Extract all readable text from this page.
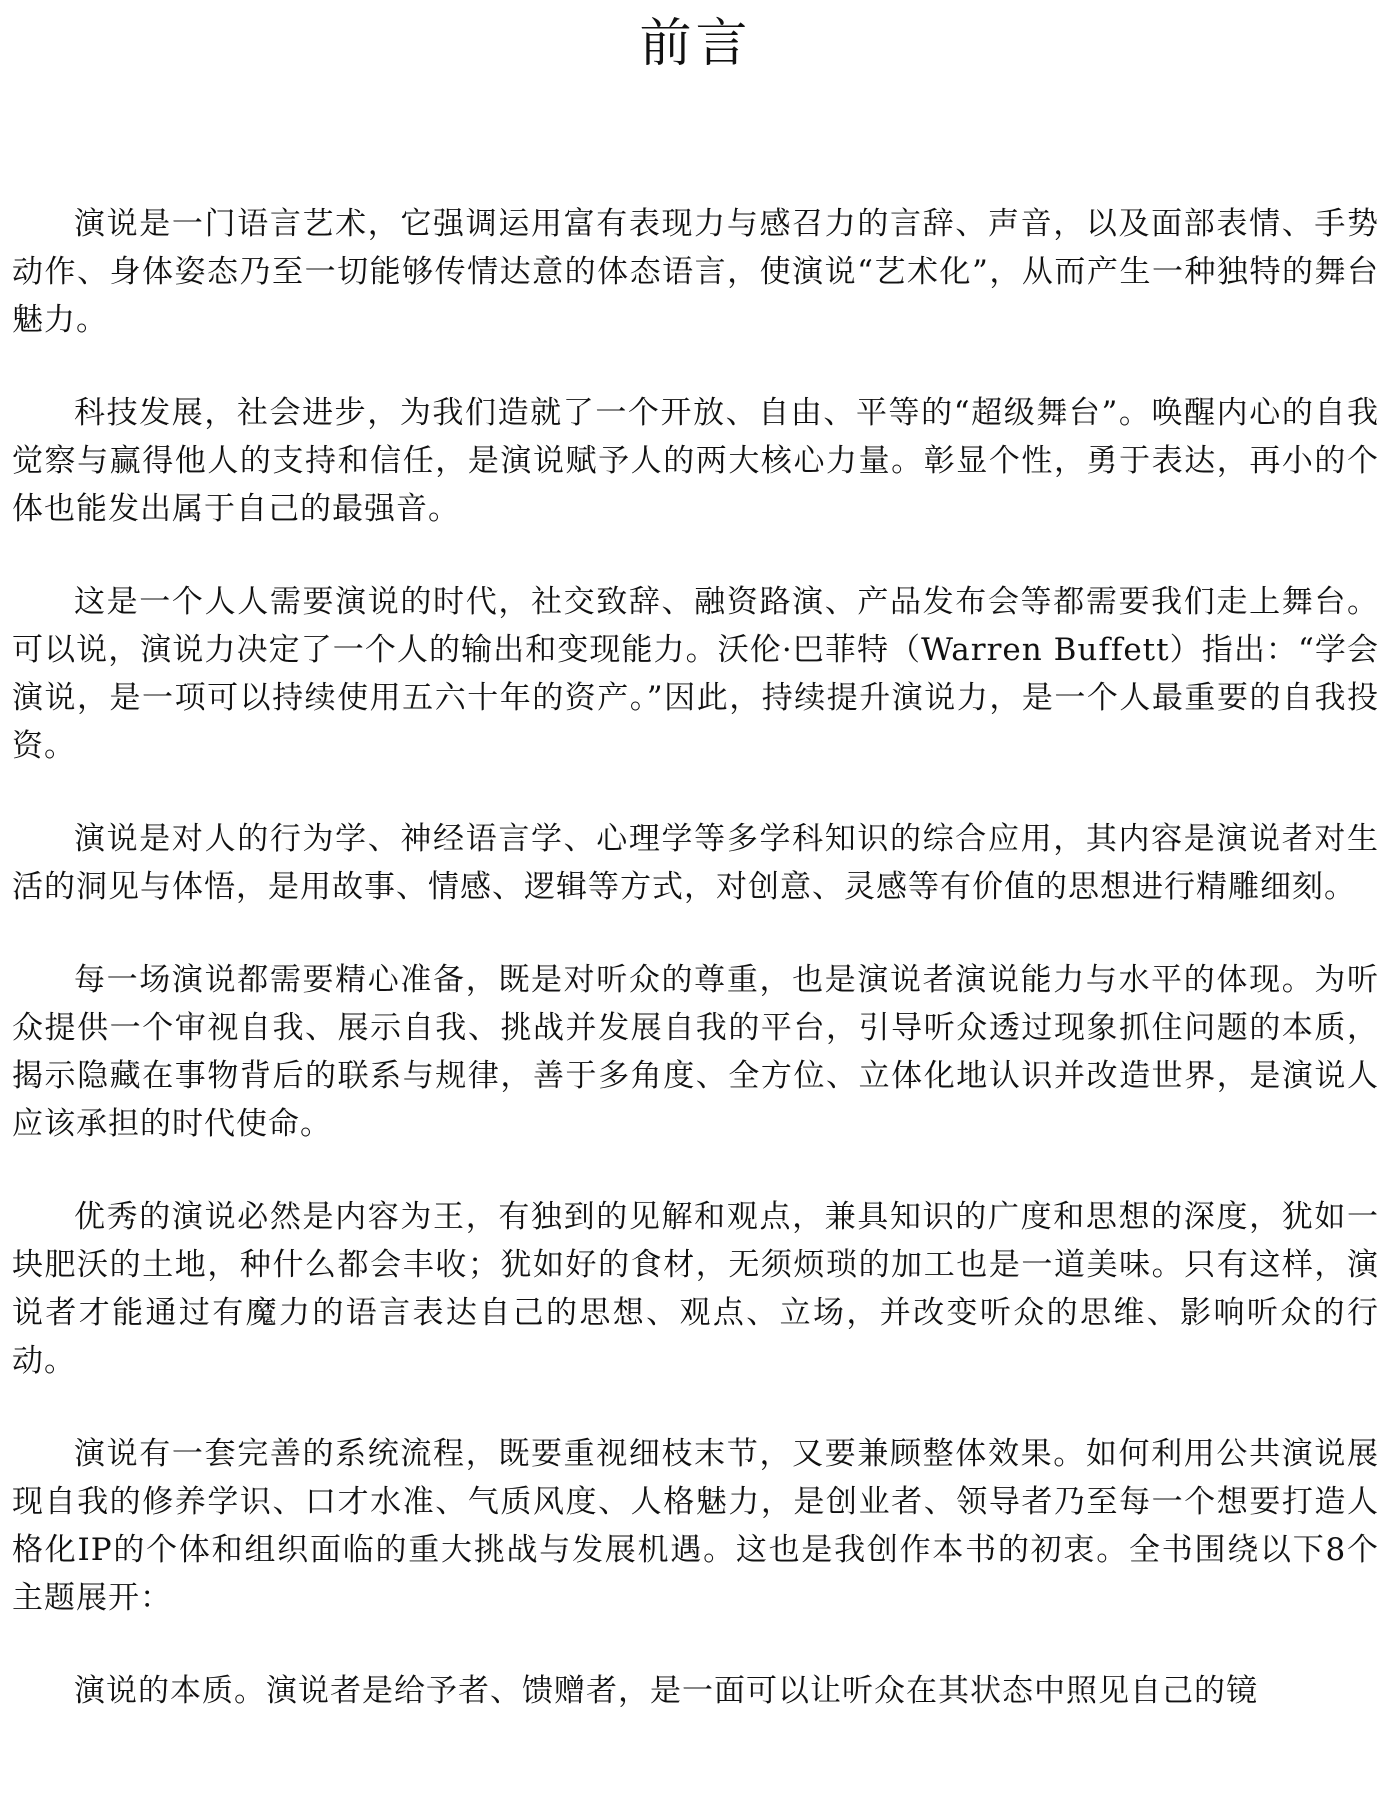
前言

演说是一门语言艺术，它强调运用富有表现力与感召力的言辞、声音，以及面部表情、手势动作、身体姿态乃至一切能够传情达意的体态语言，使演说“艺术化”，从而产生一种独特的舞台魅力。

科技发展，社会进步，为我们造就了一个开放、自由、平等的“超级舞台”。唤醒内心的自我觉察与赢得他人的支持和信任，是演说赋予人的两大核心力量。彰显个性，勇于表达，再小的个体也能发出属于自己的最强音。

这是一个人人需要演说的时代，社交致辞、融资路演、产品发布会等都需要我们走上舞台。可以说，演说力决定了一个人的输出和变现能力。沃伦·巴菲特（Warren Buffett）指出：“学会演说，是一项可以持续使用五六十年的资产。”因此，持续提升演说力，是一个人最重要的自我投资。

演说是对人的行为学、神经语言学、心理学等多学科知识的综合应用，其内容是演说者对生活的洞见与体悟，是用故事、情感、逻辑等方式，对创意、灵感等有价值的思想进行精雕细刻。

每一场演说都需要精心准备，既是对听众的尊重，也是演说者演说能力与水平的体现。为听众提供一个审视自我、展示自我、挑战并发展自我的平台，引导听众透过现象抓住问题的本质，揭示隐藏在事物背后的联系与规律，善于多角度、全方位、立体化地认识并改造世界，是演说人应该承担的时代使命。

优秀的演说必然是内容为王，有独到的见解和观点，兼具知识的广度和思想的深度，犹如一块肥沃的土地，种什么都会丰收；犹如好的食材，无须烦琐的加工也是一道美味。只有这样，演说者才能通过有魔力的语言表达自己的思想、观点、立场，并改变听众的思维、影响听众的行动。

演说有一套完善的系统流程，既要重视细枝末节，又要兼顾整体效果。如何利用公共演说展现自我的修养学识、口才水准、气质风度、人格魅力，是创业者、领导者乃至每一个想要打造人格化IP的个体和组织面临的重大挑战与发展机遇。这也是我创作本书的初衷。全书围绕以下8个主题展开：

演说的本质。演说者是给予者、馈赠者，是一面可以让听众在其状态中照见自己的镜
